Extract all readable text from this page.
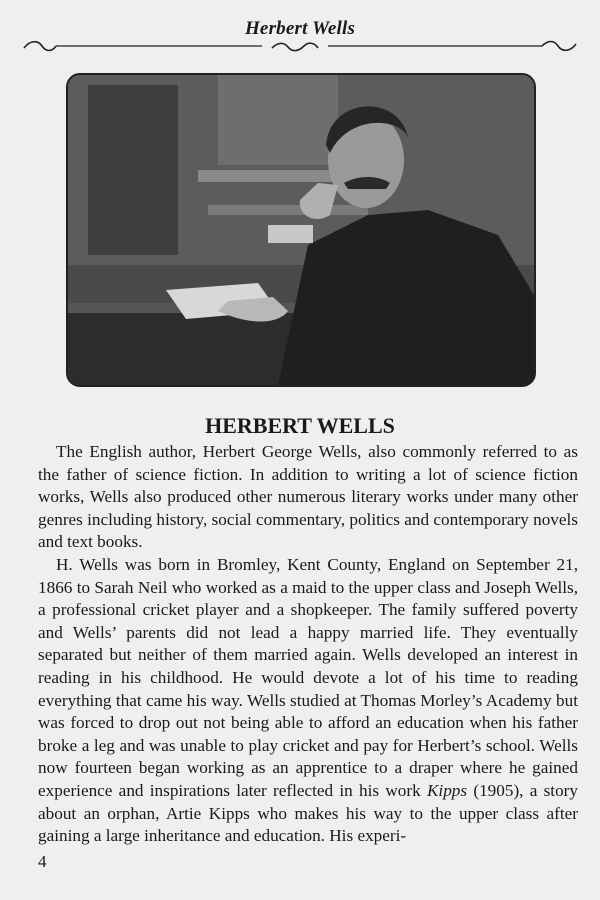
Herbert Wells
HERBERT WELLS

The English author, Herbert George Wells, also commonly referred to as the father of science fiction. In addition to writing a lot of science fiction works, Wells also produced other numerous literary works under many other genres including history, social commentary, politics and contemporary novels and text books.

H. Wells was born in Bromley, Kent County, England on September 21, 1866 to Sarah Neil who worked as a maid to the upper class and Joseph Wells, a professional cricket player and a shopkeeper. The family suffered poverty and Wells’ parents did not lead a happy married life. They eventually separated but neither of them married again. Wells developed an interest in reading in his childhood. He would devote a lot of his time to reading everything that came his way. Wells studied at Thomas Morley’s Academy but was forced to drop out not being able to afford an education when his father broke a leg and was unable to play cricket and pay for Herbert’s school. Wells now fourteen began working as an apprentice to a draper where he gained experience and inspirations later reflected in his work Kipps (1905), a story about an orphan, Artie Kipps who makes his way to the upper class after gaining a large inheritance and education. His experi-

4
